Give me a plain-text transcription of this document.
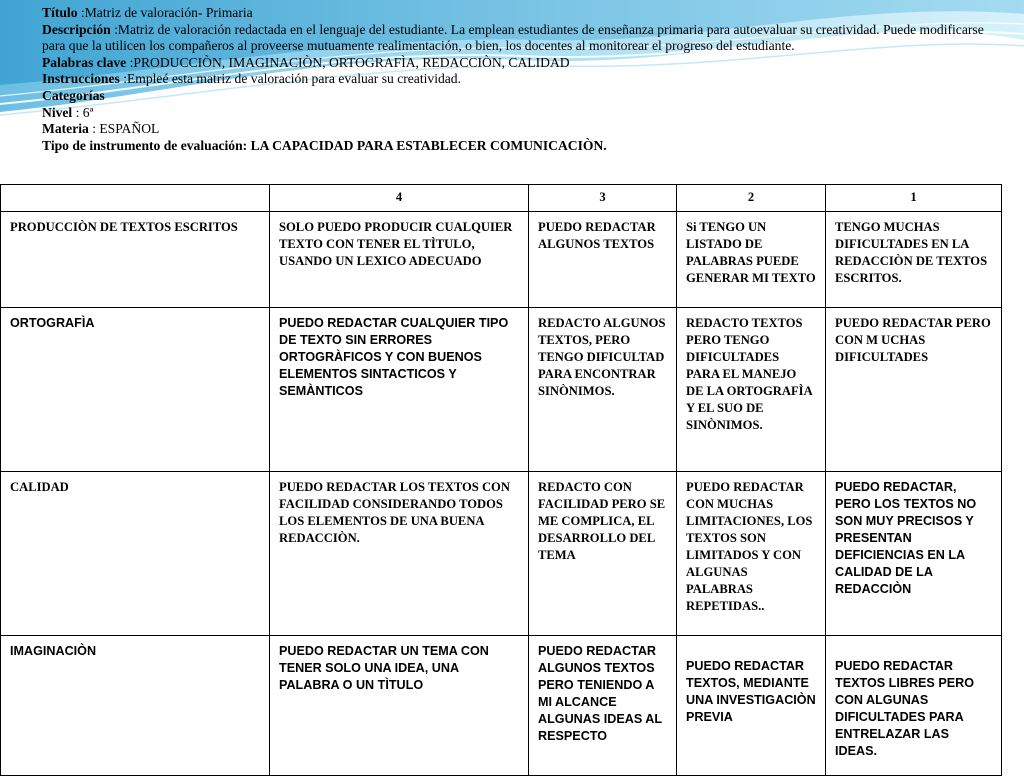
Título :Matriz de valoración- Primaria

Descripción :Matriz de valoración redactada en el lenguaje del estudiante. La emplean estudiantes de enseñanza primaria para autoevaluar su creatividad. Puede modificarse para que la utilicen los compañeros al proveerse mutuamente realimentación, o bien, los docentes al monitorear el progreso del estudiante.

Palabras clave :PRODUCCIÒN, IMAGINACIÒN, ORTOGRAFÌA, REDACCIÒN, CALIDAD

Instrucciones :Empleé esta matriz de valoración para evaluar su creatividad.

Categorías

Nivel : 6ª

Materia : ESPAÑOL

Tipo de instrumento de evaluación: LA CAPACIDAD PARA ESTABLECER COMUNICACIÒN.

	4	3	2	1
PRODUCCIÒN DE TEXTOS ESCRITOS	SOLO PUEDO PRODUCIR CUALQUIER TEXTO CON TENER EL TÌTULO, USANDO UN LEXICO ADECUADO	PUEDO REDACTAR ALGUNOS TEXTOS	Si TENGO UN LISTADO DE PALABRAS PUEDE GENERAR MI TEXTO	TENGO MUCHAS DIFICULTADES EN LA REDACCIÒN DE TEXTOS ESCRITOS.
ORTOGRAFÌA	PUEDO REDACTAR CUALQUIER TIPO DE TEXTO SIN ERRORES ORTOGRÀFICOS Y CON BUENOS ELEMENTOS SINTACTICOS Y SEMÀNTICOS	REDACTO ALGUNOS TEXTOS, PERO TENGO DIFICULTAD PARA ENCONTRAR SINÒNIMOS.	REDACTO TEXTOS PERO TENGO DIFICULTADES PARA EL MANEJO DE LA ORTOGRAFÌA Y EL SUO DE SINÒNIMOS.	PUEDO REDACTAR PERO CON M UCHAS DIFICULTADES
CALIDAD	PUEDO REDACTAR LOS TEXTOS CON FACILIDAD CONSIDERANDO TODOS LOS ELEMENTOS DE UNA BUENA REDACCIÒN.	REDACTO CON FACILIDAD PERO SE ME COMPLICA, EL DESARROLLO DEL TEMA	PUEDO REDACTAR CON MUCHAS LIMITACIONES, LOS TEXTOS SON LIMITADOS Y CON ALGUNAS PALABRAS REPETIDAS..	PUEDO REDACTAR, PERO LOS TEXTOS NO SON MUY PRECISOS Y PRESENTAN DEFICIENCIAS EN LA CALIDAD DE LA REDACCIÒN
IMAGINACIÒN	PUEDO REDACTAR UN TEMA CON TENER SOLO UNA IDEA, UNA PALABRA O UN TÌTULO	PUEDO REDACTAR ALGUNOS TEXTOS PERO TENIENDO A MI ALCANCE ALGUNAS IDEAS AL RESPECTO	PUEDO REDACTAR TEXTOS, MEDIANTE UNA INVESTIGACIÒN PREVIA	PUEDO REDACTAR TEXTOS LIBRES PERO CON ALGUNAS DIFICULTADES PARA ENTRELAZAR LAS IDEAS.
